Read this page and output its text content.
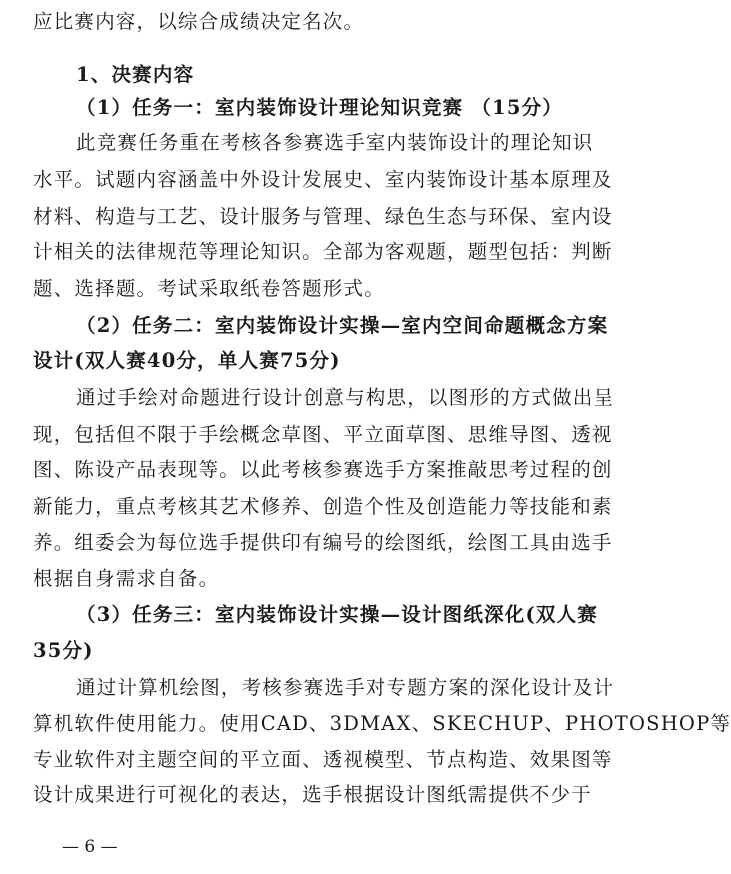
应比赛内容，以综合成绩决定名次。
1、决赛内容
（1）任务一：室内装饰设计理论知识竞赛 （15分）
此竞赛任务重在考核各参赛选手室内装饰设计的理论知识
水平。试题内容涵盖中外设计发展史、室内装饰设计基本原理及
材料、构造与工艺、设计服务与管理、绿色生态与环保、室内设
计相关的法律规范等理论知识。全部为客观题，题型包括：判断
题、选择题。考试采取纸卷答题形式。
（2）任务二：室内装饰设计实操—室内空间命题概念方案
设计(双人赛40分，单人赛75分)
通过手绘对命题进行设计创意与构思，以图形的方式做出呈
现，包括但不限于手绘概念草图、平立面草图、思维导图、透视
图、陈设产品表现等。以此考核参赛选手方案推敲思考过程的创
新能力，重点考核其艺术修养、创造个性及创造能力等技能和素
养。组委会为每位选手提供印有编号的绘图纸，绘图工具由选手
根据自身需求自备。
（3）任务三：室内装饰设计实操—设计图纸深化(双人赛
35分)
通过计算机绘图，考核参赛选手对专题方案的深化设计及计
算机软件使用能力。使用CAD、3DMAX、SKECHUP、PHOTOSHOP等
专业软件对主题空间的平立面、透视模型、节点构造、效果图等
设计成果进行可视化的表达，选手根据设计图纸需提供不少于
— 6 —
